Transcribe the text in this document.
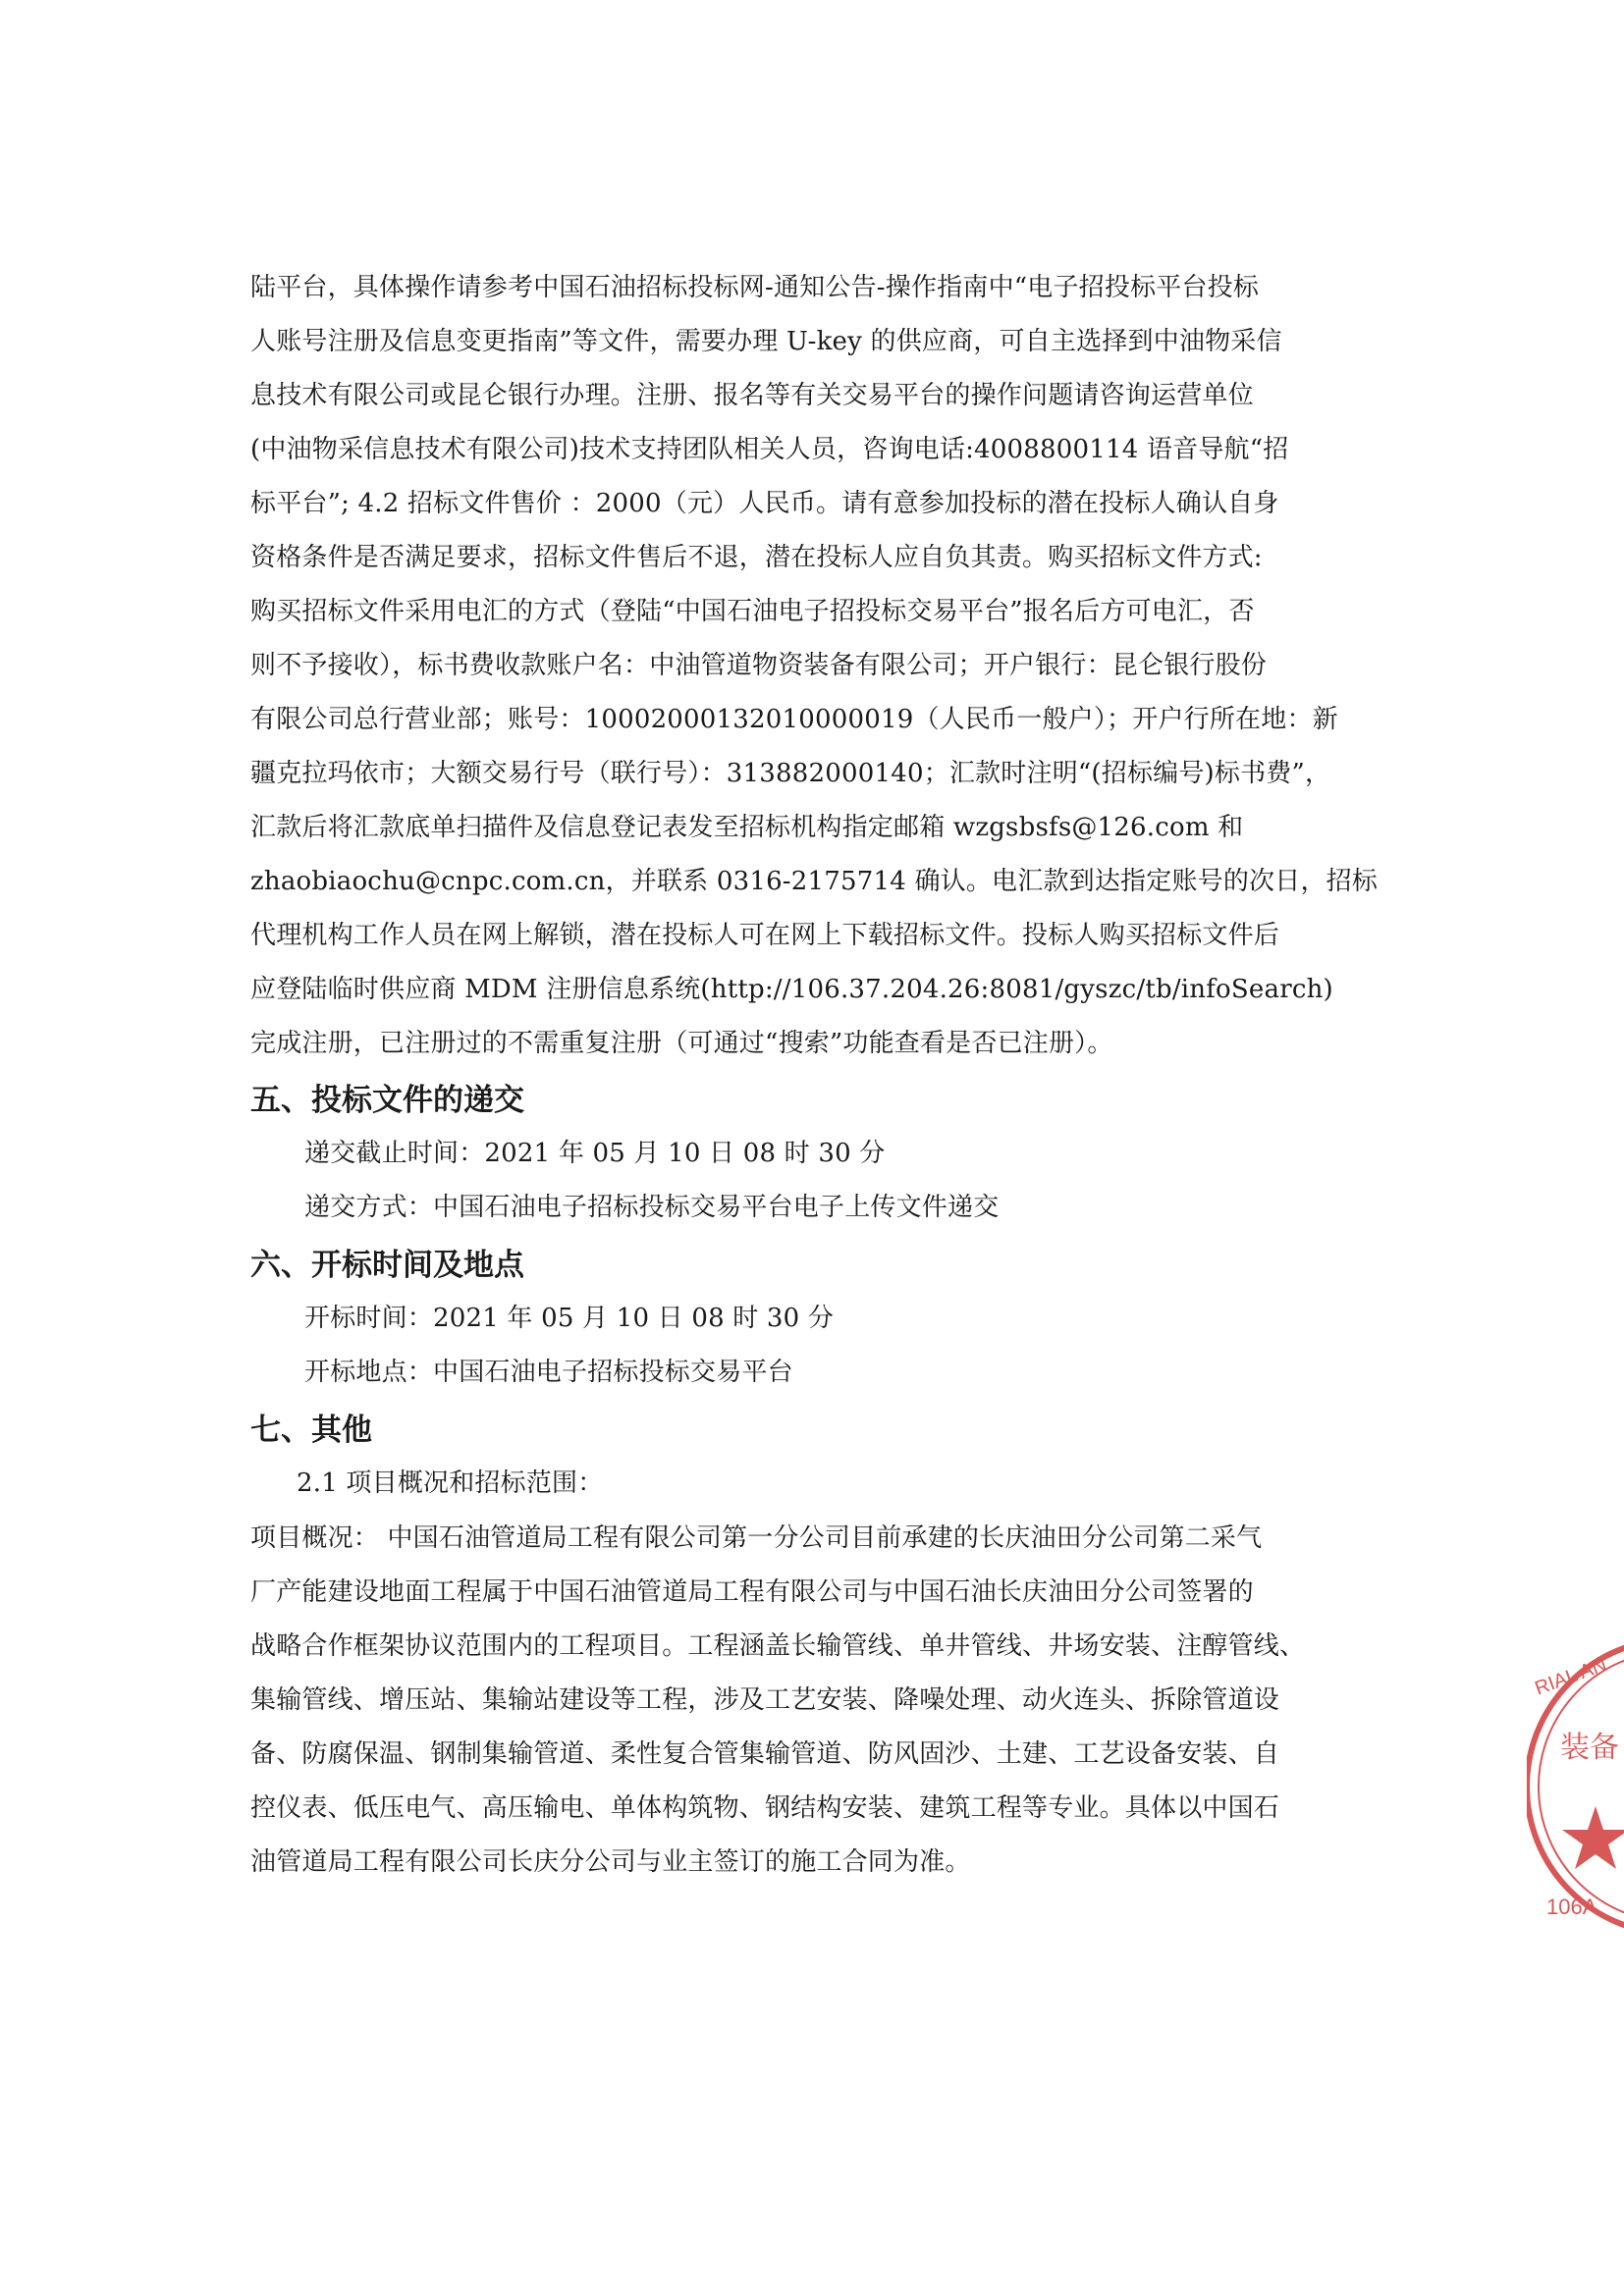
陆平台，具体操作请参考中国石油招标投标网-通知公告-操作指南中“电子招投标平台投标
人账号注册及信息变更指南”等文件，需要办理 U-key 的供应商，可自主选择到中油物采信
息技术有限公司或昆仑银行办理。注册、报名等有关交易平台的操作问题请咨询运营单位
(中油物采信息技术有限公司)技术支持团队相关人员，咨询电话:4008800114 语音导航“招
标平台”; 4.2 招标文件售价 ：2000（元）人民币。请有意参加投标的潜在投标人确认自身
资格条件是否满足要求，招标文件售后不退，潜在投标人应自负其责。购买招标文件方式:
购买招标文件采用电汇的方式（登陆“中国石油电子招投标交易平台”报名后方可电汇，否
则不予接收），标书费收款账户名：中油管道物资装备有限公司；开户银行：昆仑银行股份
有限公司总行营业部；账号：10002000132010000019（人民币一般户）；开户行所在地：新
疆克拉玛依市；大额交易行号（联行号）：313882000140；汇款时注明“(招标编号)标书费”，
汇款后将汇款底单扫描件及信息登记表发至招标机构指定邮箱 wzgsbsfs@126.com 和
zhaobiaochu@cnpc.com.cn，并联系 0316-2175714 确认。电汇款到达指定账号的次日，招标
代理机构工作人员在网上解锁，潜在投标人可在网上下载招标文件。投标人购买招标文件后
应登陆临时供应商 MDM 注册信息系统(http://106.37.204.26:8081/gyszc/tb/infoSearch)
完成注册，已注册过的不需重复注册（可通过“搜索”功能查看是否已注册）。
五、投标文件的递交
递交截止时间：2021 年 05 月 10 日 08 时 30 分
递交方式：中国石油电子招标投标交易平台电子上传文件递交
六、开标时间及地点
开标时间：2021 年 05 月 10 日 08 时 30 分
开标地点：中国石油电子招标投标交易平台
七、其他
2.1 项目概况和招标范围：
项目概况： 中国石油管道局工程有限公司第一分公司目前承建的长庆油田分公司第二采气
厂产能建设地面工程属于中国石油管道局工程有限公司与中国石油长庆油田分公司签署的
战略合作框架协议范围内的工程项目。工程涵盖长输管线、单井管线、井场安装、注醇管线、
集输管线、增压站、集输站建设等工程，涉及工艺安装、降噪处理、动火连头、拆除管道设
备、防腐保温、钢制集输管道、柔性复合管集输管道、防风固沙、土建、工艺设备安装、自
控仪表、低压电气、高压输电、单体构筑物、钢结构安装、建筑工程等专业。具体以中国石
油管道局工程有限公司长庆分公司与业主签订的施工合同为准。
RIAL AN
装备
106A
